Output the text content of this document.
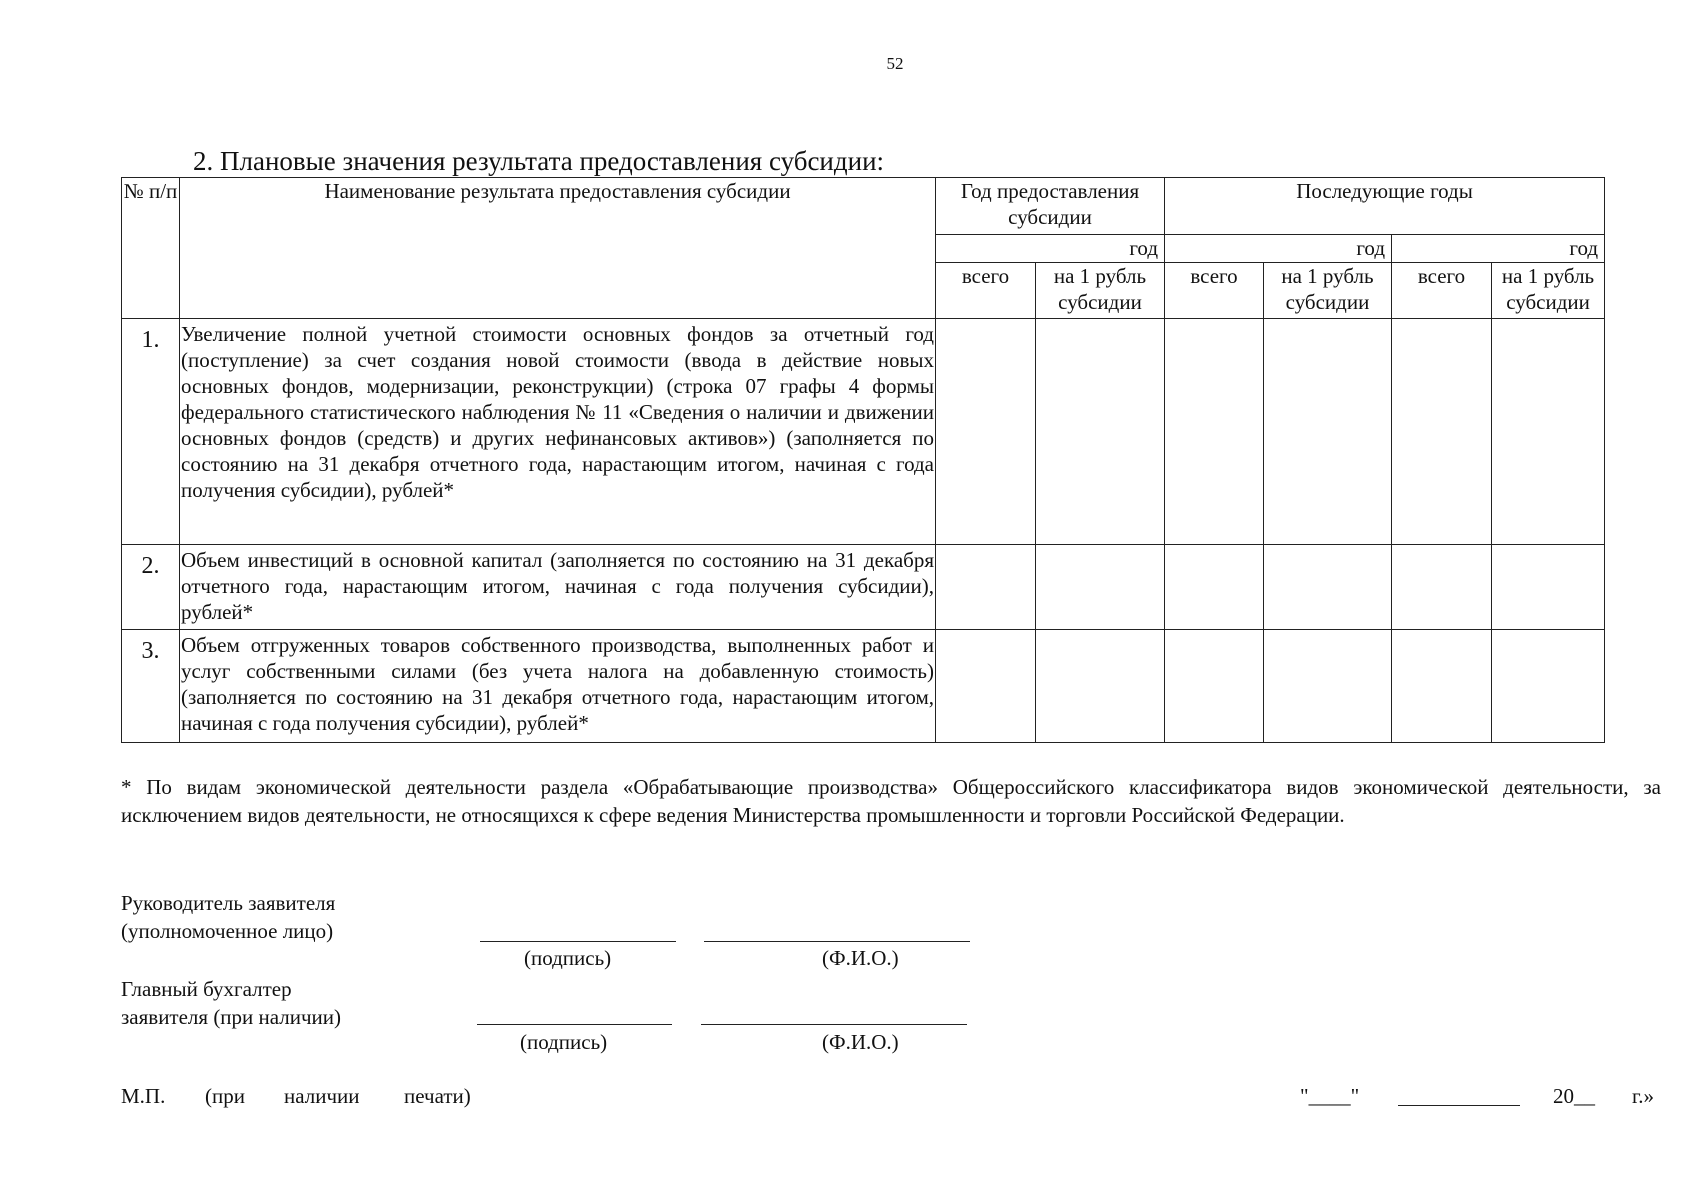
52
2. Плановые значения результата предоставления субсидии:
№ п/п	Наименование результата предоставления субсидии	Год предоставления субсидии		Последующие годы			
		год		год		год	
		всего	на 1 рубль субсидии	всего	на 1 рубль субсидии	всего	на 1 рубль субсидии
1.	Увеличение полной учетной стоимости основных фондов за отчетный год (поступление) за счет создания новой стоимости (ввода в действие новых основных фондов, модернизации, реконструкции) (строка 07 графы 4 формы федерального статистического наблюдения № 11 «Сведения о наличии и движении основных фондов (средств) и других нефинансовых активов») (заполняется по состоянию на 31 декабря отчетного года, нарастающим итогом, начиная с года получения субсидии), рублей*						
2.	Объем инвестиций в основной капитал (заполняется по состоянию на 31 декабря отчетного года, нарастающим итогом, начиная с года получения субсидии), рублей*						
3.	Объем отгруженных товаров собственного производства, выполненных работ и услуг собственными силами (без учета налога на добавленную стоимость) (заполняется по состоянию на 31 декабря отчетного года, нарастающим итогом, начиная с года получения субсидии), рублей*						
* По видам экономической деятельности раздела «Обрабатывающие производства» Общероссийского классификатора видов экономической деятельности, за исключением видов деятельности, не относящихся к сфере ведения Министерства промышленности и торговли Российской Федерации.
Руководитель заявителя
(уполномоченное лицо)
(подпись)	(Ф.И.О.)
Главный бухгалтер
заявителя (при наличии)
(подпись)	(Ф.И.О.)
М.П. (при наличии печати)	"____"	20__ г.»
